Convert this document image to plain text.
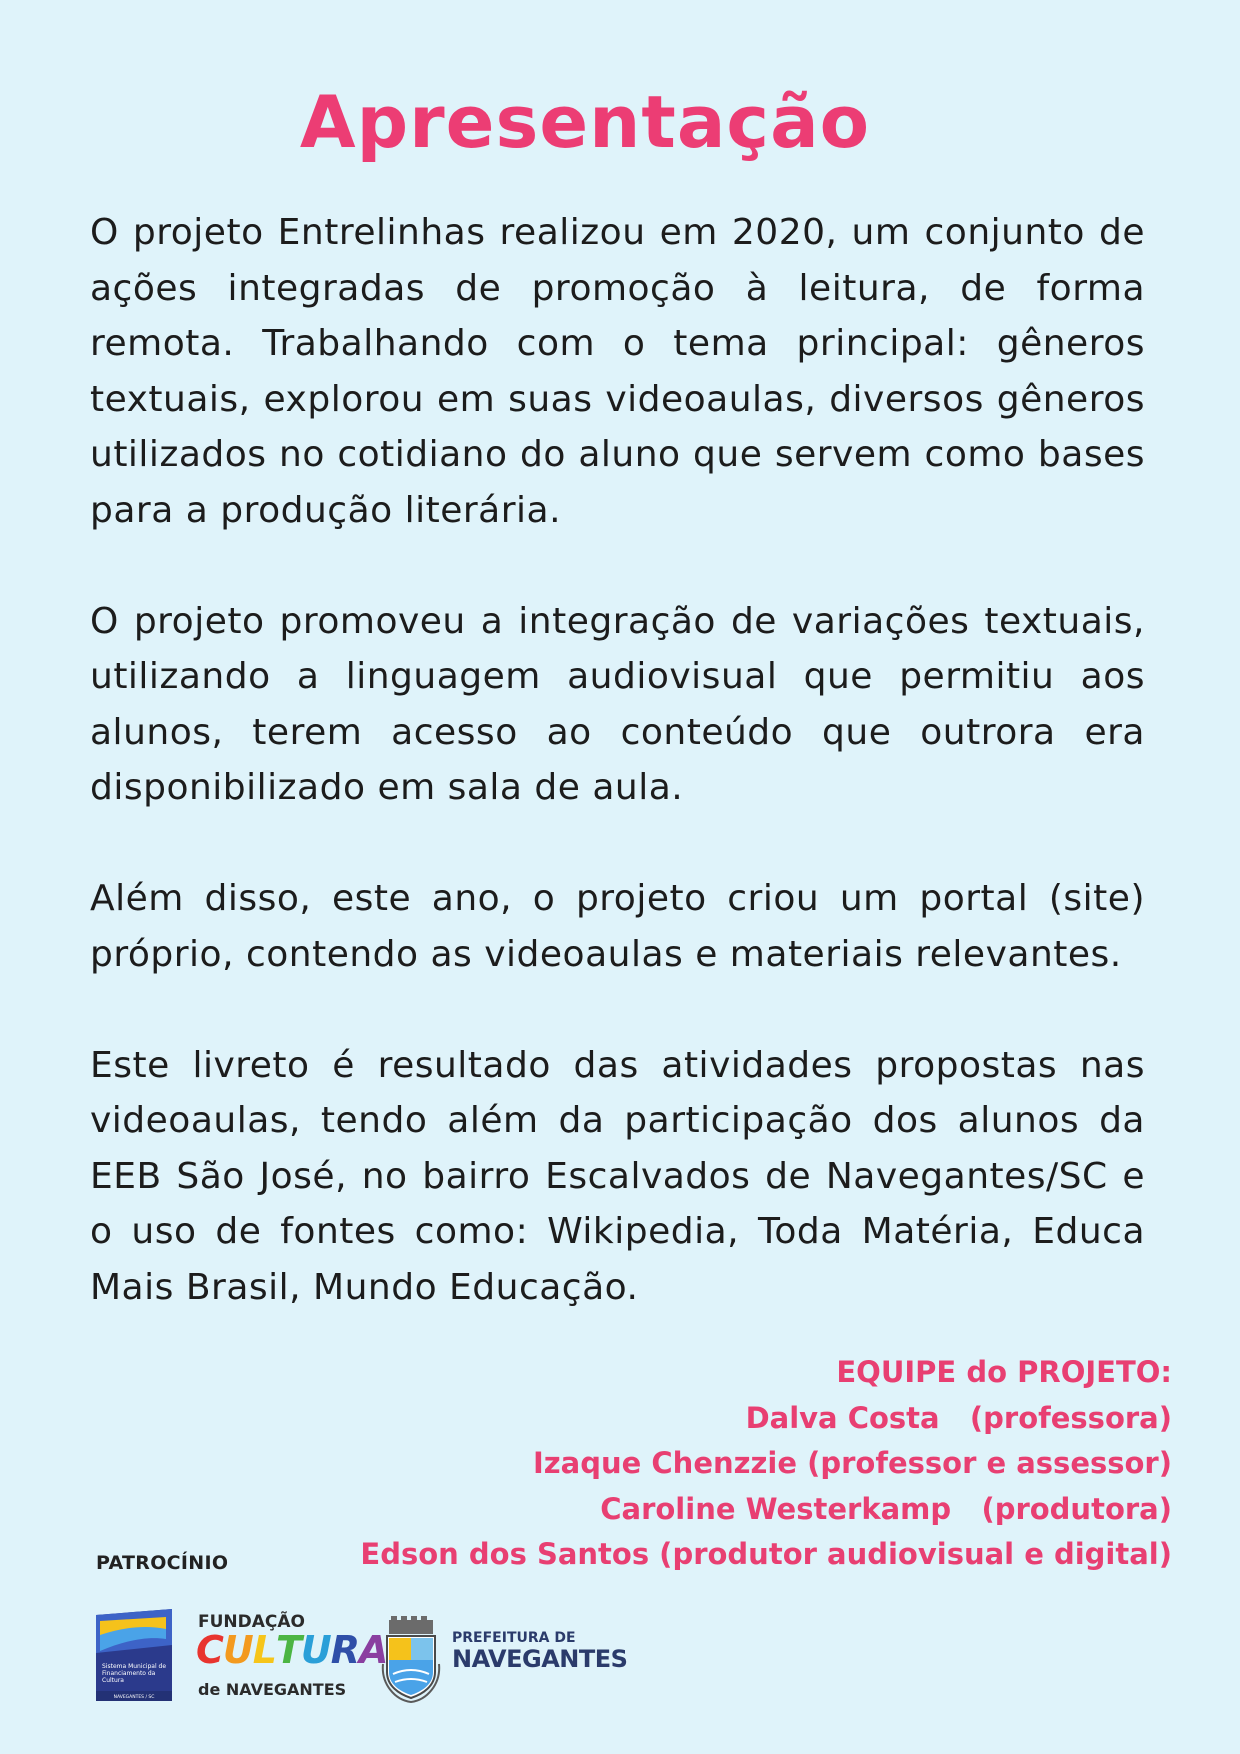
Apresentação

O projeto Entrelinhas realizou em 2020, um conjunto de ações integradas de promoção à leitura, de forma remota. Trabalhando com o tema principal: gêneros textuais, explorou em suas videoaulas, diversos gêneros utilizados no cotidiano do aluno que servem como bases para a produção literária.

O projeto promoveu a integração de variações textuais, utilizando a linguagem audiovisual que permitiu aos alunos, terem acesso ao conteúdo que outrora era disponibilizado em sala de aula.

Além disso, este ano, o projeto criou um portal (site) próprio, contendo as videoaulas e materiais relevantes.

Este livreto é resultado das atividades propostas nas videoaulas, tendo além da participação dos alunos da EEB São José, no bairro Escalvados de Navegantes/SC e o uso de fontes como: Wikipedia, Toda Matéria, Educa Mais Brasil, Mundo Educação.

EQUIPE do PROJETO:
Dalva Costa   (professora)
Izaque Chenzzie (professor e assessor)
Caroline Westerkamp   (produtora)
Edson dos Santos (produtor audiovisual e digital)
PATROCÍNIO
Sistema Municipal de Financiamento da Cultura
NAVEGANTES / SC
FUNDAÇÃO
CULTURA
de NAVEGANTES
PREFEITURA DE
NAVEGANTES
